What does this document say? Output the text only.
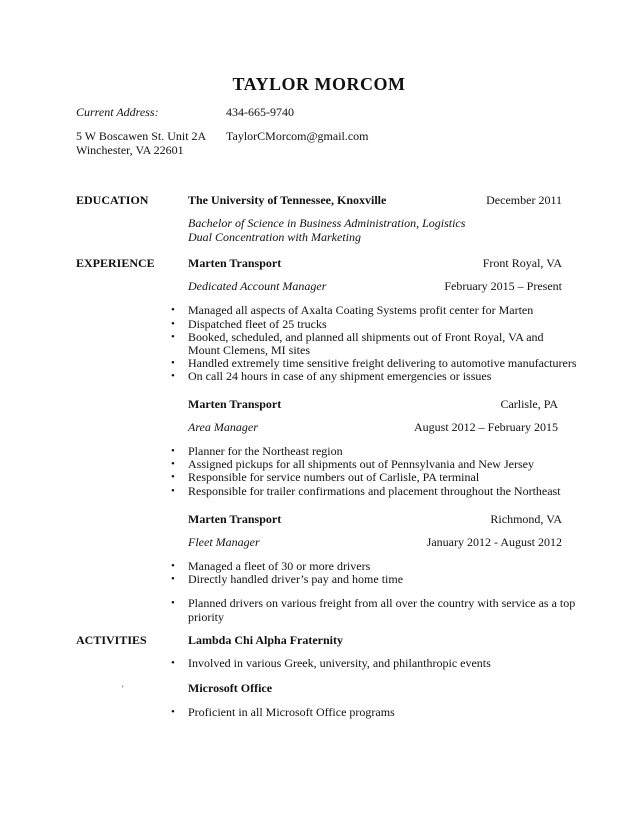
TAYLOR MORCOM
Current Address:	434-665-9740
5 W Boscawen St. Unit 2A
Winchester, VA 22601
TaylorCMorcom@gmail.com
EDUCATION	The University of Tennessee, Knoxville	December 2011
Bachelor of Science in Business Administration, Logistics
Dual Concentration with Marketing
EXPERIENCE	Marten Transport	Front Royal, VA
Dedicated Account Manager	February 2015 – Present
• Managed all aspects of Axalta Coating Systems profit center for Marten
• Dispatched fleet of 25 trucks
• Booked, scheduled, and planned all shipments out of Front Royal, VA and
Mount Clemens, MI sites
• Handled extremely time sensitive freight delivering to automotive manufacturers
• On call 24 hours in case of any shipment emergencies or issues
Marten Transport	Carlisle, PA
Area Manager	August 2012 – February 2015
• Planner for the Northeast region
• Assigned pickups for all shipments out of Pennsylvania and New Jersey
• Responsible for service numbers out of Carlisle, PA terminal
• Responsible for trailer confirmations and placement throughout the Northeast
Marten Transport	Richmond, VA
Fleet Manager	January 2012 - August 2012
• Managed a fleet of 30 or more drivers
• Directly handled driver’s pay and home time
• Planned drivers on various freight from all over the country with service as a top
priority
ACTIVITIES	Lambda Chi Alpha Fraternity
• Involved in various Greek, university, and philanthropic events
'	Microsoft Office
• Proficient in all Microsoft Office programs
